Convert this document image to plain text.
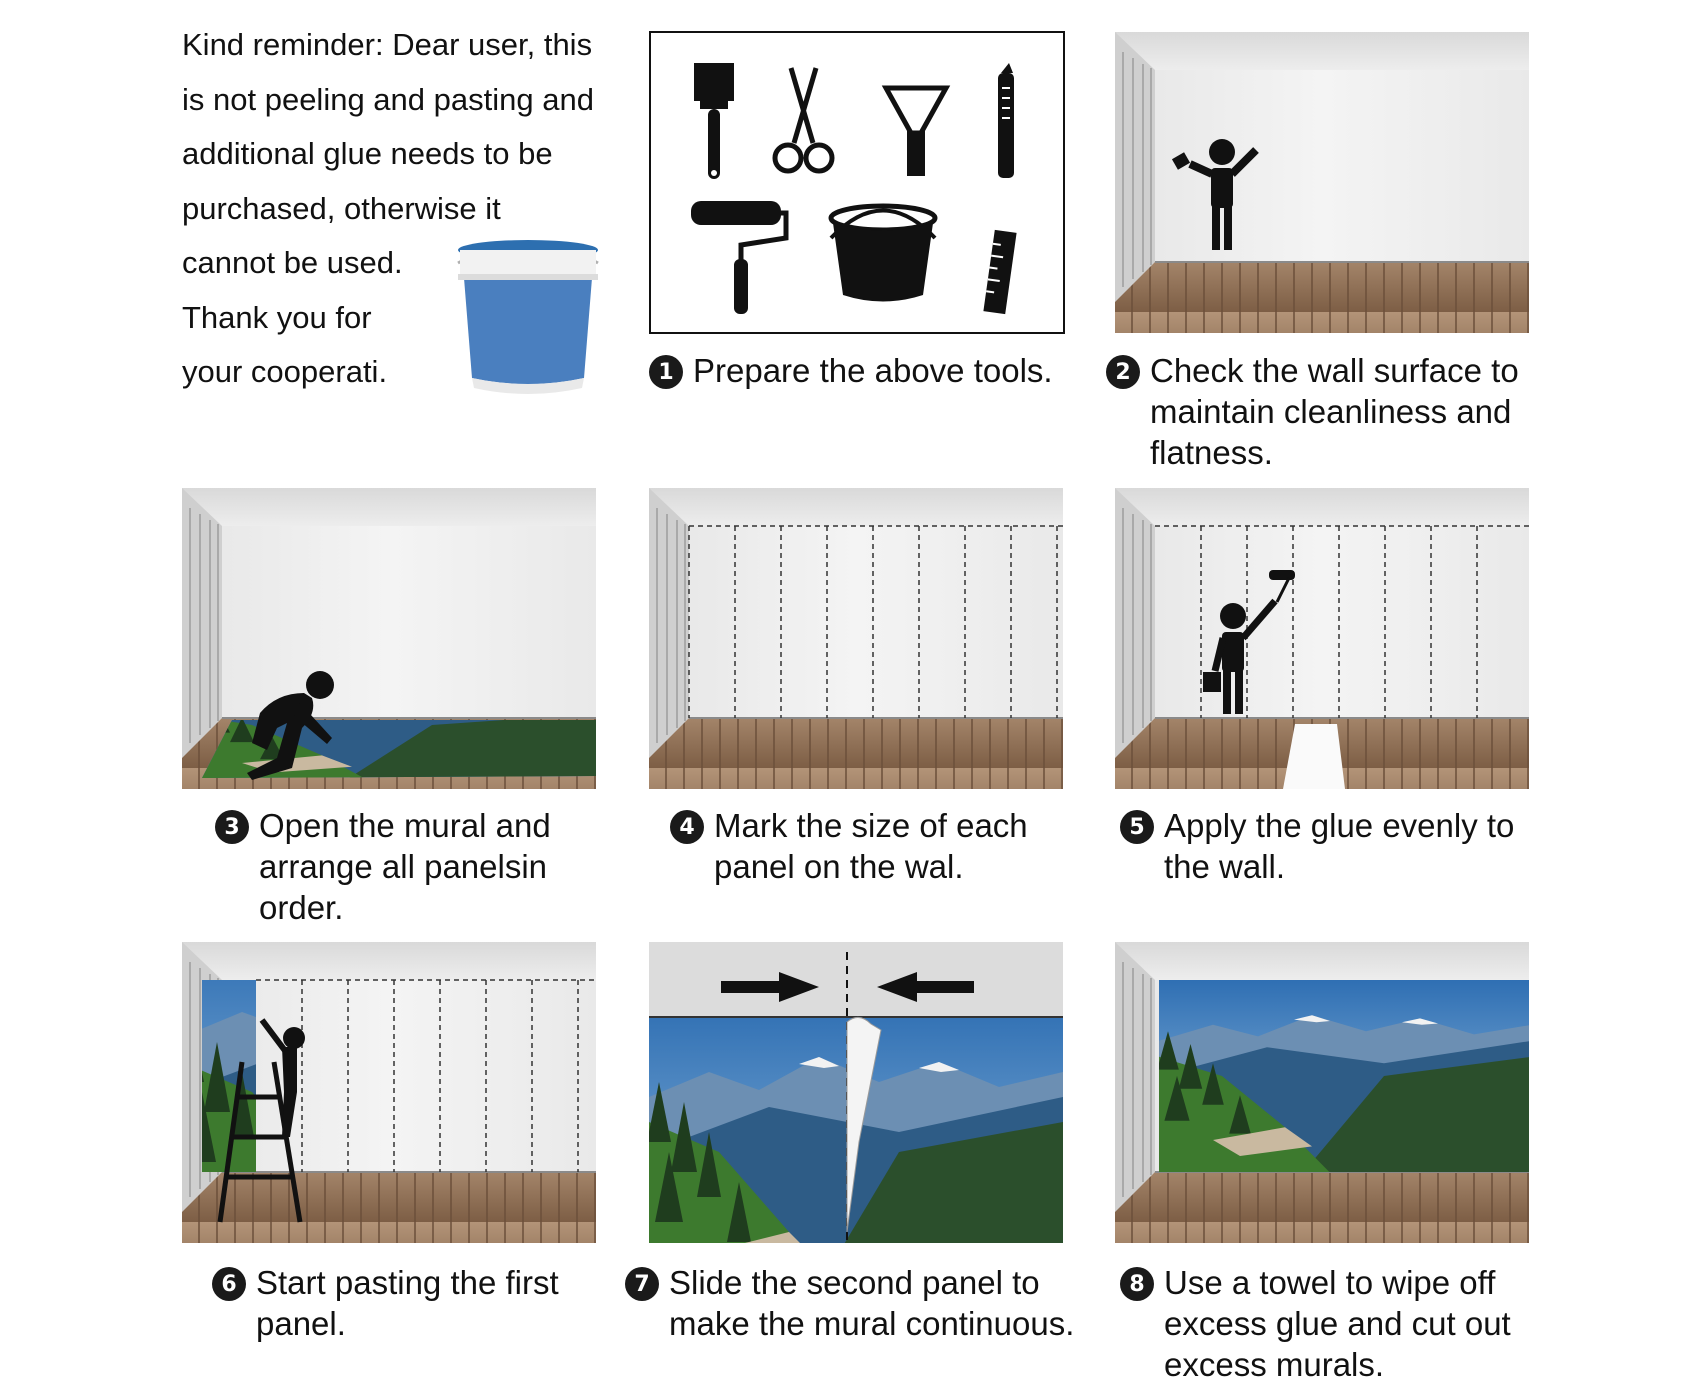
Kind reminder: Dear user, this
is not peeling and pasting and
additional glue needs to be
purchased, otherwise it
cannot be used.
Thank you for
your cooperati.	1 Prepare the above tools.	2 Check the wall surface to maintain cleanliness and flatness.
3 Open the mural and arrange all panelsin order.
4 Mark the size of each panel on the wal.
5 Apply the glue evenly to the wall.
6 Start pasting the first panel.
7 Slide the second panel to make the mural continuous.
8 Use a towel to wipe off excess glue and cut out excess murals.
